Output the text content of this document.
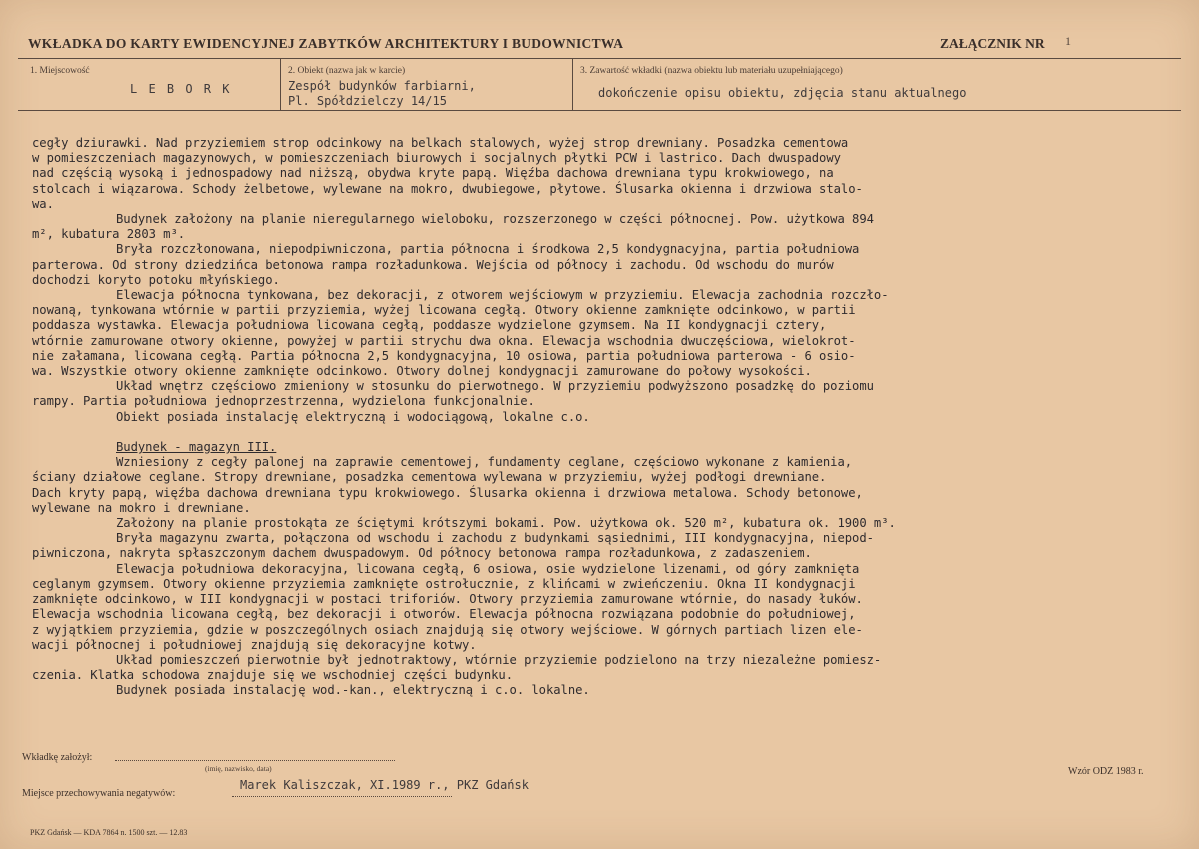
WKŁADKA DO KARTY EWIDENCYJNEJ ZABYTKÓW ARCHITEKTURY I BUDOWNICTWA	ZAŁĄCZNIK NR 1
1. Miejscowość
L E B O R K
2. Obiekt (nazwa jak w karcie)
Zespół budynków farbiarni,
Pl. Spółdzielczy 14/15
3. Zawartość wkładki (nazwa obiektu lub materiału uzupełniającego)
dokończenie opisu obiektu, zdjęcia stanu aktualnego
cegły dziurawki. Nad przyziemiem strop odcinkowy na belkach stalowych, wyżej strop drewniany. Posadzka cementowa
w pomieszczeniach magazynowych, w pomieszczeniach biurowych i socjalnych płytki PCW i lastrico. Dach dwuspadowy
nad częścią wysoką i jednospadowy nad niższą, obydwa kryte papą. Więźba dachowa drewniana typu krokwiowego, na
stolcach i wiązarowa. Schody żelbetowe, wylewane na mokro, dwubiegowe, płytowe. Ślusarka okienna i drzwiowa stalo-
wa.
Budynek założony na planie nieregularnego wieloboku, rozszerzonego w części północnej. Pow. użytkowa 894
m², kubatura 2803 m³.
Bryła rozczłonowana, niepodpiwniczona, partia północna i środkowa 2,5 kondygnacyjna, partia południowa
parterowa. Od strony dziedzińca betonowa rampa rozładunkowa. Wejścia od północy i zachodu. Od wschodu do murów
dochodzi koryto potoku młyńskiego.
Elewacja północna tynkowana, bez dekoracji, z otworem wejściowym w przyziemiu. Elewacja zachodnia rozczło-
nowaną, tynkowana wtórnie w partii przyziemia, wyżej licowana cegłą. Otwory okienne zamknięte odcinkowo, w partii
poddasza wystawka. Elewacja południowa licowana cegłą, poddasze wydzielone gzymsem. Na II kondygnacji cztery,
wtórnie zamurowane otwory okienne, powyżej w partii strychu dwa okna. Elewacja wschodnia dwuczęściowa, wielokrot-
nie załamana, licowana cegłą. Partia północna 2,5 kondygnacyjna, 10 osiowa, partia południowa parterowa - 6 osio-
wa. Wszystkie otwory okienne zamknięte odcinkowo. Otwory dolnej kondygnacji zamurowane do połowy wysokości.
Układ wnętrz częściowo zmieniony w stosunku do pierwotnego. W przyziemiu podwyższono posadzkę do poziomu
rampy. Partia południowa jednoprzestrzenna, wydzielona funkcjonalnie.
Obiekt posiada instalację elektryczną i wodociągową, lokalne c.o.

Budynek - magazyn III.
Wzniesiony z cegły palonej na zaprawie cementowej, fundamenty ceglane, częściowo wykonane z kamienia,
ściany działowe ceglane. Stropy drewniane, posadzka cementowa wylewana w przyziemiu, wyżej podłogi drewniane.
Dach kryty papą, więźba dachowa drewniana typu krokwiowego. Ślusarka okienna i drzwiowa metalowa. Schody betonowe,
wylewane na mokro i drewniane.
Założony na planie prostokąta ze ściętymi krótszymi bokami. Pow. użytkowa ok. 520 m², kubatura ok. 1900 m³.
Bryła magazynu zwarta, połączona od wschodu i zachodu z budynkami sąsiednimi, III kondygnacyjna, niepod-
piwniczona, nakryta spłaszczonym dachem dwuspadowym. Od północy betonowa rampa rozładunkowa, z zadaszeniem.
Elewacja południowa dekoracyjna, licowana cegłą, 6 osiowa, osie wydzielone lizenami, od góry zamknięta
ceglanym gzymsem. Otwory okienne przyziemia zamknięte ostrołucznie, z klińcami w zwieńczeniu. Okna II kondygnacji
zamknięte odcinkowo, w III kondygnacji w postaci triforiów. Otwory przyziemia zamurowane wtórnie, do nasady łuków.
Elewacja wschodnia licowana cegłą, bez dekoracji i otworów. Elewacja północna rozwiązana podobnie do południowej,
z wyjątkiem przyziemia, gdzie w poszczególnych osiach znajdują się otwory wejściowe. W górnych partiach lizen ele-
wacji północnej i południowej znajdują się dekoracyjne kotwy.
Układ pomieszczeń pierwotnie był jednotraktowy, wtórnie przyziemie podzielono na trzy niezależne pomiesz-
czenia. Klatka schodowa znajduje się we wschodniej części budynku.
Budynek posiada instalację wod.-kan., elektryczną i c.o. lokalne.
Wkładkę założył:
(imię, nazwisko, data)
Miejsce przechowywania negatywów:
Marek Kaliszczak, XI.1989 r., PKZ Gdańsk
Wzór ODZ 1983 r.
PKZ Gdańsk — KDA 7864 n. 1500 szt. — 12.83
